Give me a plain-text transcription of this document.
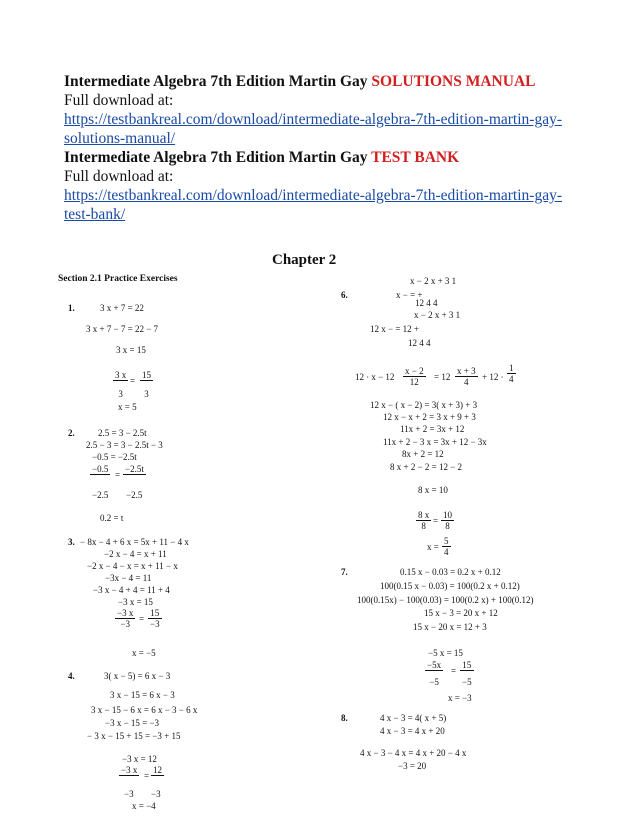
Intermediate Algebra 7th Edition Martin Gay SOLUTIONS MANUAL
Full download at:
https://testbankreal.com/download/intermediate-algebra-7th-edition-martin-gay-
solutions-manual/
Intermediate Algebra 7th Edition Martin Gay TEST BANK
Full download at:
https://testbankreal.com/download/intermediate-algebra-7th-edition-martin-gay-
test-bank/
Chapter 2
Section 2.1 Practice Exercises
1.	3 x + 7 = 22
3 x + 7 − 7 = 22 − 7
3 x = 15
$\frac{3 x}{3} = \frac{15}{3}$
x = 5
2.	2.5 = 3 − 2.5t
2.5 − 3 = 3 − 2.5t − 3
−0.5 = −2.5t
−0.5
=
−2.5t
−2.5 −2.5
0.2 = t
3. − 8x − 4 + 6 x = 5x + 11 − 4 x
−2 x − 4 = x + 11
−2 x − 4 − x = x + 11 − x
−3x − 4 = 11
−3 x − 4 + 4 = 11 + 4
−3 x = 15
$\frac{-3 x}{-3} = \frac{15}{-3}$
x = −5
4.	3( x − 5) = 6 x − 3
3 x − 15 = 6 x − 3
3 x − 15 − 6 x = 6 x − 3 − 6 x
−3 x − 15 = −3
− 3 x − 15 + 15 = −3 + 15
−3 x = 12
−3 x
=
12
−3 −3
x = −4
x − 2 x + 3 1
6.	x − = +
12 4 4
x − 2 x + 3 1
12 x − = 12 +
12 4 4
$12 \cdot x - 12 \frac{x - 2}{12} = 12 \frac{x + 3}{4} + 12 \cdot \frac{1}{4}$
12 x − ( x − 2) = 3( x + 3) + 3
12 x − x + 2 = 3 x + 9 + 3
11x + 2 = 3x + 12
11x + 2 − 3 x = 3x + 12 − 3x
8x + 2 = 12
8 x + 2 − 2 = 12 − 2
8 x = 10
$\frac{8 x}{8} = \frac{10}{8}$
$x = \frac{5}{4}$
7.	0.15 x − 0.03 = 0.2 x + 0.12
100(0.15 x − 0.03) = 100(0.2 x + 0.12)
100(0.15x) − 100(0.03) = 100(0.2 x) + 100(0.12)
15 x − 3 = 20 x + 12
15 x − 20 x = 12 + 3
−5 x = 15
$\frac{-5x}{-5} = \frac{15}{-5}$
x = −3
8.	4 x − 3 = 4( x + 5)
4 x − 3 = 4 x + 20
4 x − 3 − 4 x = 4 x + 20 − 4 x
−3 = 20
